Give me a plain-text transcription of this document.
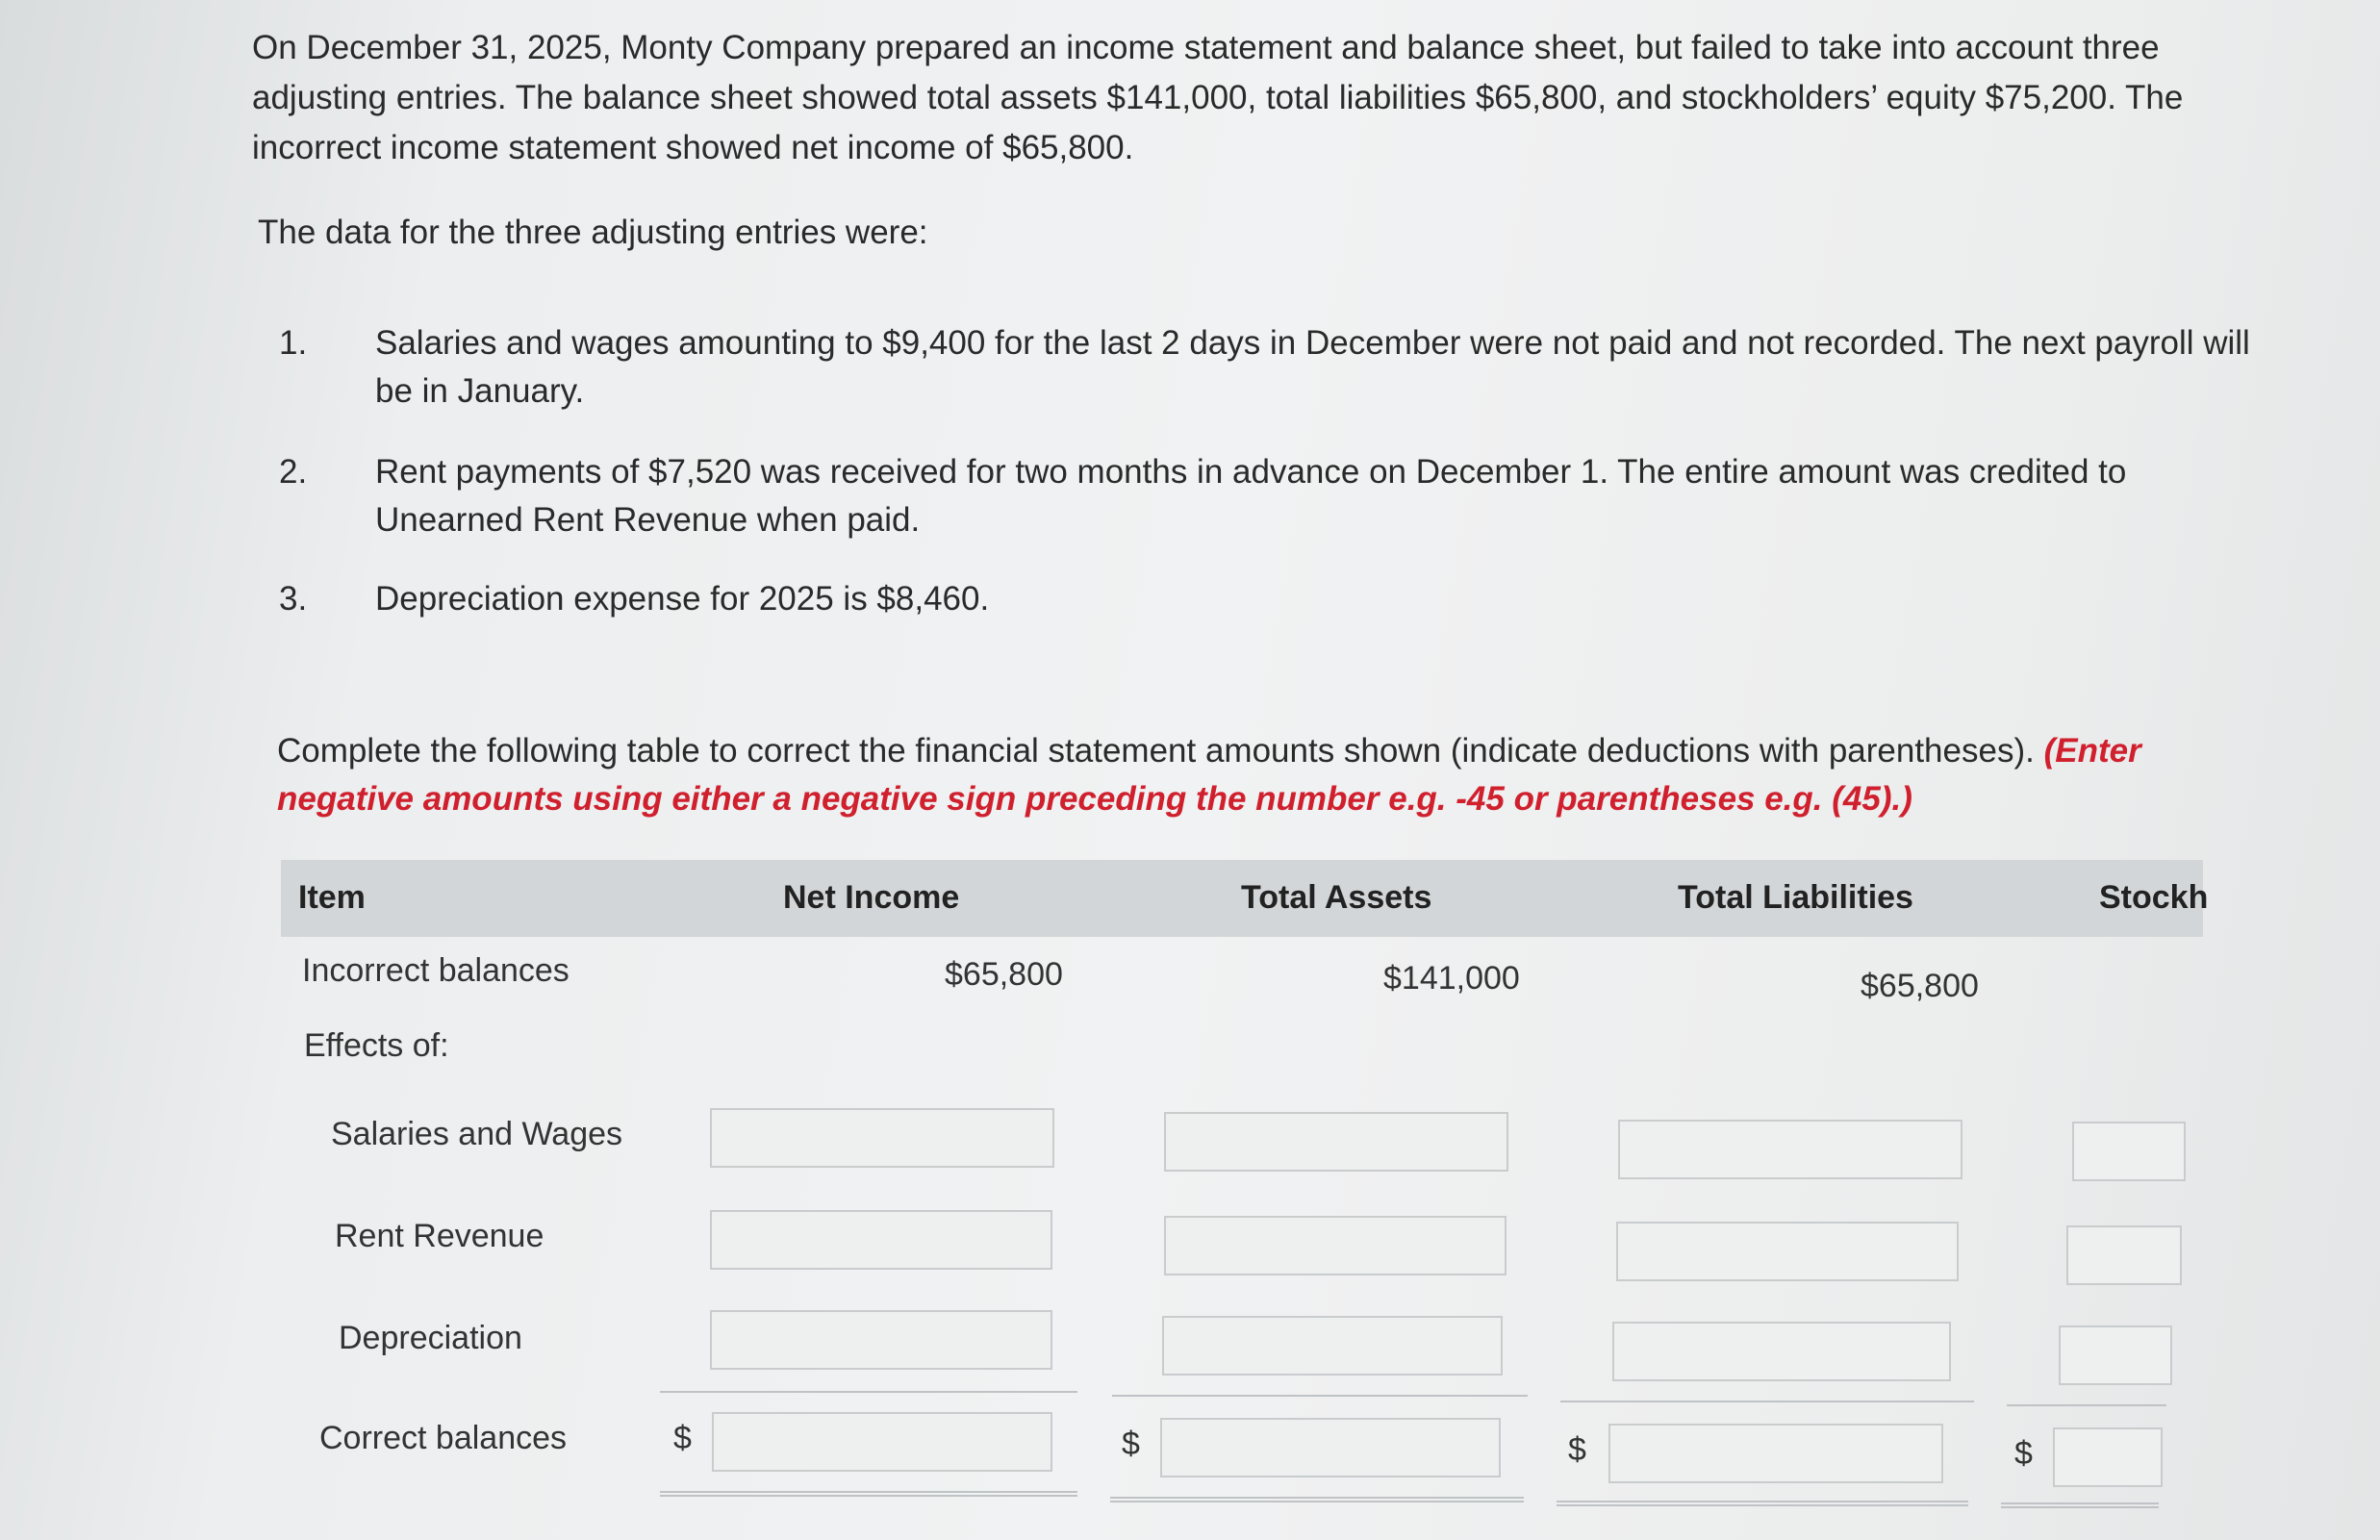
On December 31, 2025, Monty Company prepared an income statement and balance sheet, but failed to take into account three adjusting entries. The balance sheet showed total assets $141,000, total liabilities $65,800, and stockholders’ equity $75,200. The incorrect income statement showed net income of $65,800.

The data for the three adjusting entries were:

1.	Salaries and wages amounting to $9,400 for the last 2 days in December were not paid and not recorded. The next payroll will be in January.
2.	Rent payments of $7,520 was received for two months in advance on December 1. The entire amount was credited to Unearned Rent Revenue when paid.
3.	Depreciation expense for 2025 is $8,460.

Complete the following table to correct the financial statement amounts shown (indicate deductions with parentheses). (Enter negative amounts using either a negative sign preceding the number e.g. -45 or parentheses e.g. (45).)

Item	Net Income	Total Assets	Total Liabilities	Stockh
Incorrect balances	$65,800	$141,000	$65,800
Effects of:
Salaries and Wages
Rent Revenue
Depreciation
Correct balances	$	$	$	$
